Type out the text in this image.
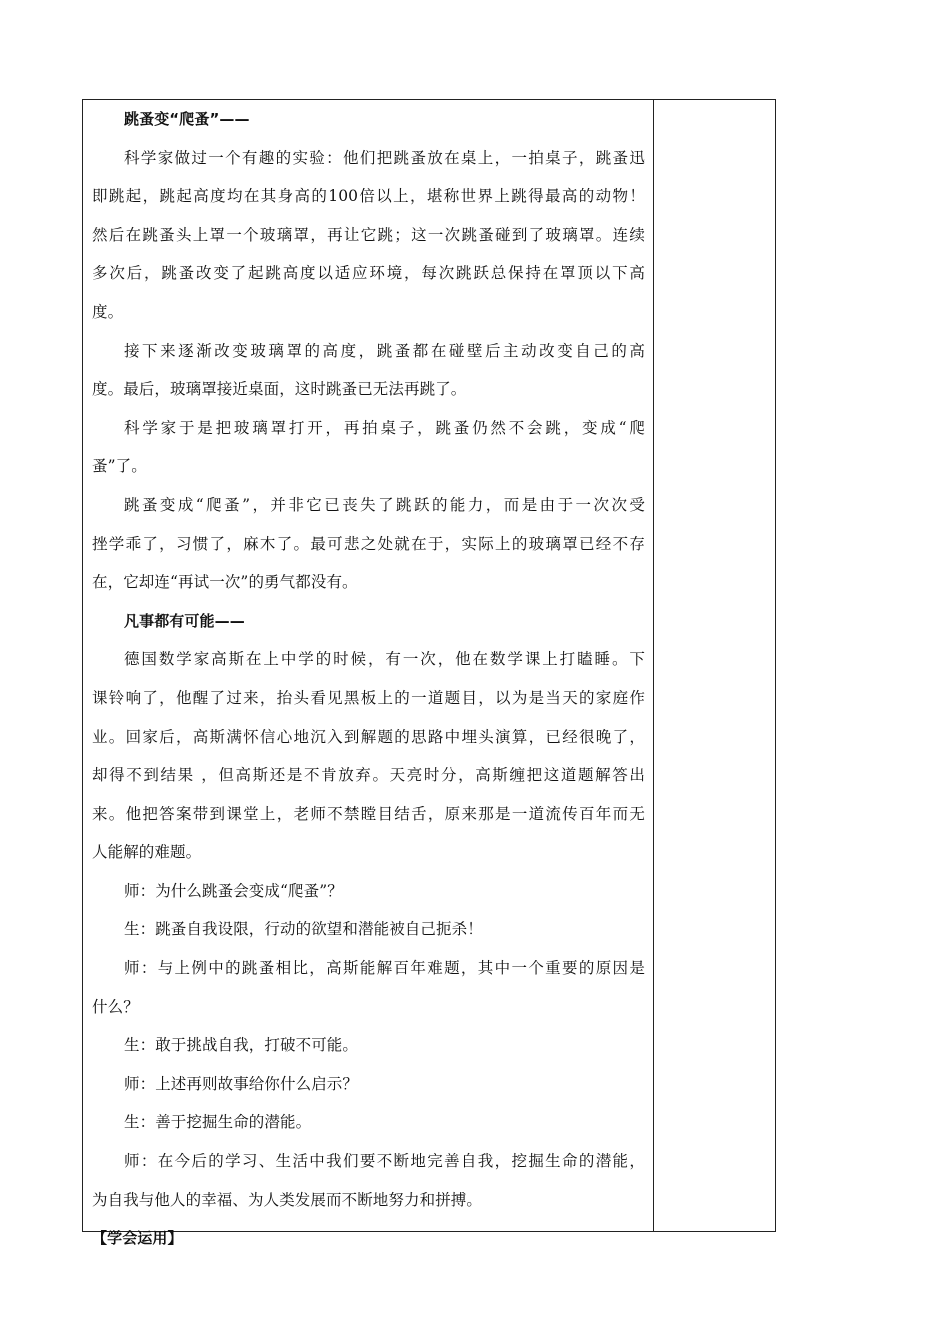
跳蚤变“爬蚤”——
科学家做过一个有趣的实验：他们把跳蚤放在桌上，一拍桌子，跳蚤迅
即跳起，跳起高度均在其身高的100倍以上，堪称世界上跳得最高的动物！
然后在跳蚤头上罩一个玻璃罩，再让它跳；这一次跳蚤碰到了玻璃罩。连续
多次后，跳蚤改变了起跳高度以适应环境，每次跳跃总保持在罩顶以下高
度。
接下来逐渐改变玻璃罩的高度，跳蚤都在碰壁后主动改变自己的高
度。最后，玻璃罩接近桌面，这时跳蚤已无法再跳了。
科学家于是把玻璃罩打开，再拍桌子，跳蚤仍然不会跳，变成“爬
蚤”了。
跳蚤变成“爬蚤”，并非它已丧失了跳跃的能力，而是由于一次次受
挫学乖了，习惯了，麻木了。最可悲之处就在于，实际上的玻璃罩已经不存
在，它却连“再试一次”的勇气都没有。
凡事都有可能——
德国数学家高斯在上中学的时候，有一次，他在数学课上打瞌睡。下
课铃响了，他醒了过来，抬头看见黑板上的一道题目，以为是当天的家庭作
业。回家后，高斯满怀信心地沉入到解题的思路中埋头演算，已经很晚了，
却得不到结果 ，但高斯还是不肯放弃。天亮时分，高斯缠把这道题解答出
来。他把答案带到课堂上，老师不禁瞠目结舌，原来那是一道流传百年而无
人能解的难题。
师：为什么跳蚤会变成“爬蚤”？
生：跳蚤自我设限，行动的欲望和潜能被自己扼杀！
师：与上例中的跳蚤相比，高斯能解百年难题，其中一个重要的原因是
什么？
生：敢于挑战自我，打破不可能。
师：上述再则故事给你什么启示？
生：善于挖掘生命的潜能。
师：在今后的学习、生活中我们要不断地完善自我，挖掘生命的潜能，
为自我与他人的幸福、为人类发展而不断地努力和拼搏。
【学会运用】
